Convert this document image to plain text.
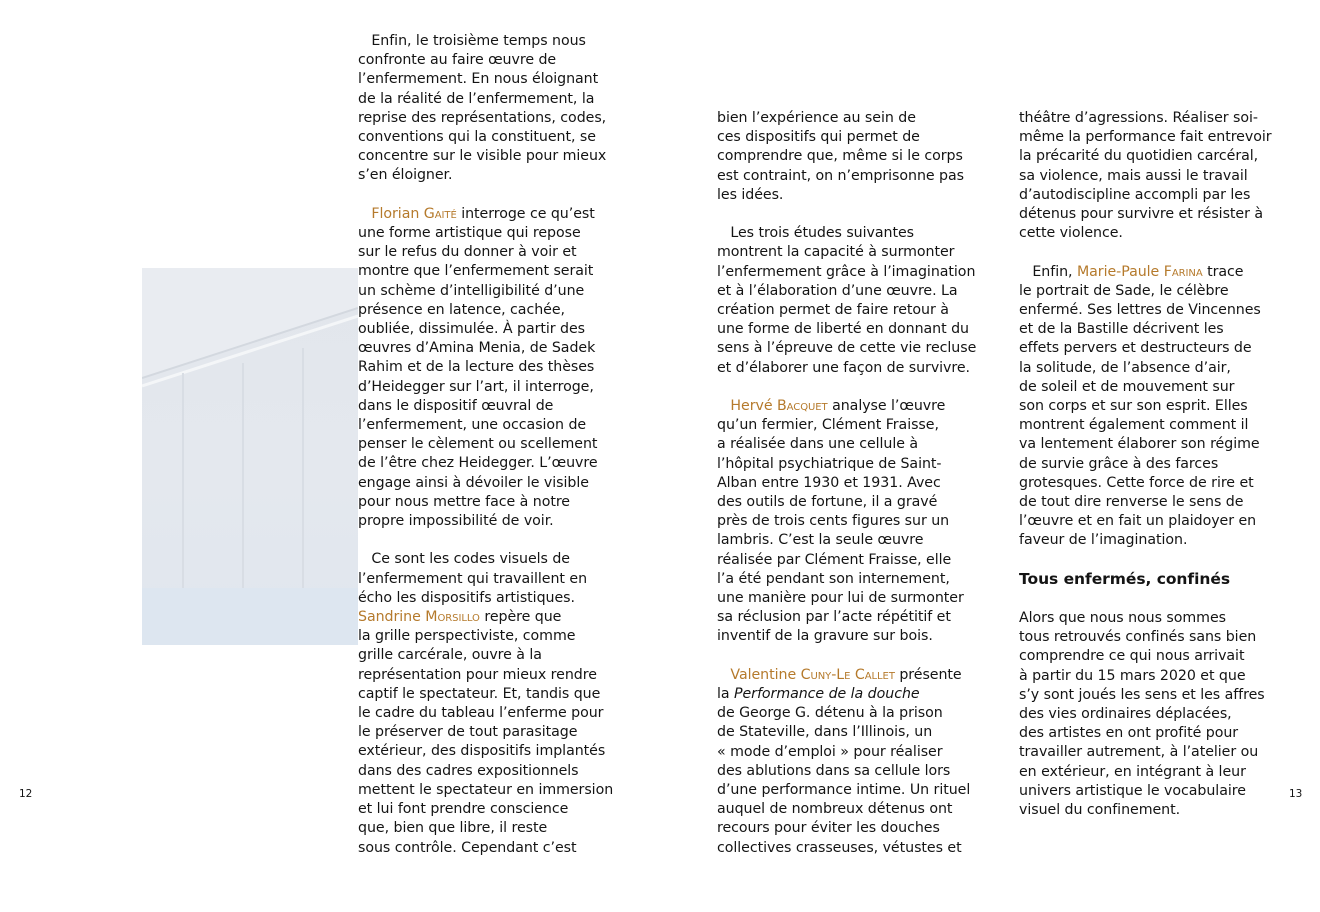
12	13

Enfin, le troisième temps nous
confronte au faire œuvre de
l’enfermement. En nous éloignant
de la réalité de l’enfermement, la
reprise des représentations, codes,
conventions qui la constituent, se
concentre sur le visible pour mieux
s’en éloigner.

Florian Gaité interroge ce qu’est
une forme artistique qui repose
sur le refus du donner à voir et
montre que l’enfermement serait
un schème d’intelligibilité d’une
présence en latence, cachée,
oubliée, dissimulée. À partir des
œuvres d’Amina Menia, de Sadek
Rahim et de la lecture des thèses
d’Heidegger sur l’art, il interroge,
dans le dispositif œuvral de
l’enfermement, une occasion de
penser le cèlement ou scellement
de l’être chez Heidegger. L’œuvre
engage ainsi à dévoiler le visible
pour nous mettre face à notre
propre impossibilité de voir.

Ce sont les codes visuels de
l’enfermement qui travaillent en
écho les dispositifs artistiques.
Sandrine Morsillo repère que
la grille perspectiviste, comme
grille carcérale, ouvre à la
représentation pour mieux rendre
captif le spectateur. Et, tandis que
le cadre du tableau l’enferme pour
le préserver de tout parasitage
extérieur, des dispositifs implantés
dans des cadres expositionnels
mettent le spectateur en immersion
et lui font prendre conscience
que, bien que libre, il reste
sous contrôle. Cependant c’est

bien l’expérience au sein de
ces dispositifs qui permet de
comprendre que, même si le corps
est contraint, on n’emprisonne pas
les idées.

Les trois études suivantes
montrent la capacité à surmonter
l’enfermement grâce à l’imagination
et à l’élaboration d’une œuvre. La
création permet de faire retour à
une forme de liberté en donnant du
sens à l’épreuve de cette vie recluse
et d’élaborer une façon de survivre.

Hervé Bacquet analyse l’œuvre
qu’un fermier, Clément Fraisse,
a réalisée dans une cellule à
l’hôpital psychiatrique de Saint-
Alban entre 1930 et 1931. Avec
des outils de fortune, il a gravé
près de trois cents figures sur un
lambris. C’est la seule œuvre
réalisée par Clément Fraisse, elle
l’a été pendant son internement,
une manière pour lui de surmonter
sa réclusion par l’acte répétitif et
inventif de la gravure sur bois.

Valentine Cuny-Le Callet présente
la Performance de la douche
de George G. détenu à la prison
de Stateville, dans l’Illinois, un
« mode d’emploi » pour réaliser
des ablutions dans sa cellule lors
d’une performance intime. Un rituel
auquel de nombreux détenus ont
recours pour éviter les douches
collectives crasseuses, vétustes et

théâtre d’agressions. Réaliser soi-
même la performance fait entrevoir
la précarité du quotidien carcéral,
sa violence, mais aussi le travail
d’autodiscipline accompli par les
détenus pour survivre et résister à
cette violence.

Enfin, Marie-Paule Farina trace
le portrait de Sade, le célèbre
enfermé. Ses lettres de Vincennes
et de la Bastille décrivent les
effets pervers et destructeurs de
la solitude, de l’absence d’air,
de soleil et de mouvement sur
son corps et sur son esprit. Elles
montrent également comment il
va lentement élaborer son régime
de survie grâce à des farces
grotesques. Cette force de rire et
de tout dire renverse le sens de
l’œuvre et en fait un plaidoyer en
faveur de l’imagination.

Tous enfermés, confinés

Alors que nous nous sommes
tous retrouvés confinés sans bien
comprendre ce qui nous arrivait
à partir du 15 mars 2020 et que
s’y sont joués les sens et les affres
des vies ordinaires déplacées,
des artistes en ont profité pour
travailler autrement, à l’atelier ou
en extérieur, en intégrant à leur
univers artistique le vocabulaire
visuel du confinement.
